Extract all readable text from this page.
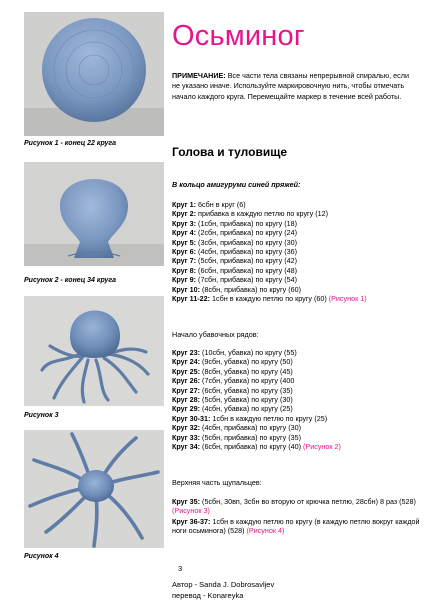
Рисунок 1 - конец 22 круга
Рисунок 2 - конец 34 круга
Рисунок 3
Рисунок 4
Осьминог
ПРИМЕЧАНИЕ: Все части тела связаны непрерывной спиралью, если не указано иначе. Используйте маркировочную нить, чтобы отмечать начало каждого круга. Перемещайте маркер в течение всей работы.
Голова и туловище
В кольцо амигуруми синей пряжей:
Круг 1: 6сбн в круг (6)
Круг 2: прибавка в каждую петлю по кругу (12)
Круг 3: (1сбн, прибавка) по кругу (18)
Круг 4: (2сбн, прибавка) по кругу (24)
Круг 5: (3сбн, прибавка) по кругу (30)
Круг 6: (4сбн, прибавка) по кругу (36)
Круг 7: (5сбн, прибавка) по кругу (42)
Круг 8: (6сбн, прибавка) по кругу (48)
Круг 9: (7сбн, прибавка) по кругу (54)
Круг 10: (8сбн, прибавка) по кругу (60)
Круг 11-22: 1сбн в каждую петлю по кругу (60) (Рисунок 1)
Начало убавочных рядов:
Круг 23: (10сбн, убавка) по кругу (55)
Круг 24: (9сбн, убавка) по кругу (50)
Круг 25: (8сбн, убавка) по кругу (45)
Круг 26: (7сбн, убавка) по кругу (400
Круг 27: (6сбн, убавка) по кругу (35)
Круг 28: (5сбн, убавка) по кругу (30)
Круг 29: (4сбн, убавка) по кругу (25)
Круг 30-31: 1сбн в каждую петлю по кругу (25)
Круг 32: (4сбн, прибавка) по кругу (30)
Круг 33: (5сбн, прибавка) по кругу (35)
Круг 34: (6сбн, прибавка) по кругу (40) (Рисунок 2)
Верхняя часть щупальцев:
Круг 35: (5сбн, 30вп, 3сбн во вторую от крючка петлю, 28сбн) 8 раз (528) (Рисунок 3)
Круг 36-37: 1сбн в каждую петлю по кругу (в каждую петлю вокруг каждой ноги осьминога) (528) (Рисунок 4)
3
Автор - Sanda J. Dobrosavljev
перевод - Konareyka
